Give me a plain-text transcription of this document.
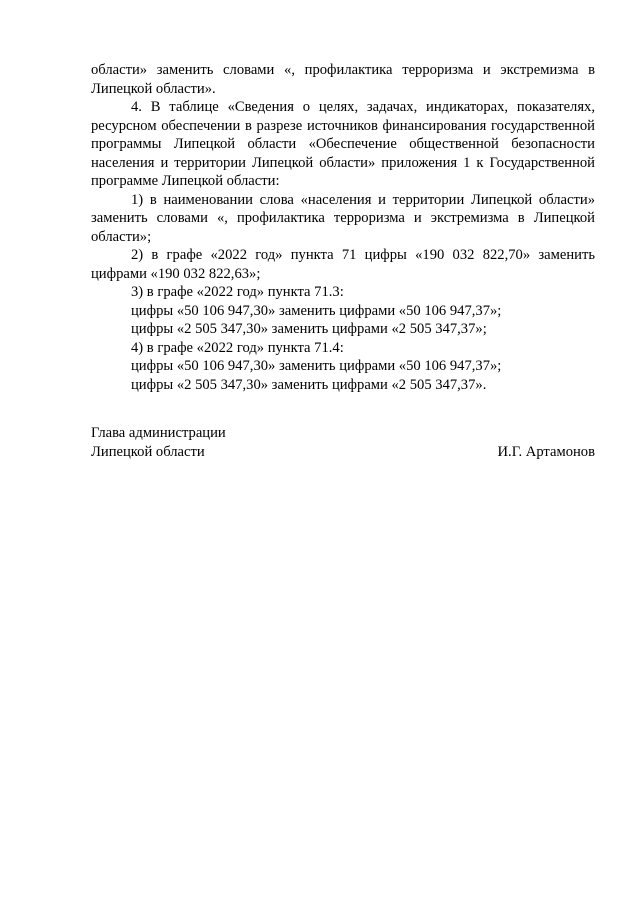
области» заменить словами «, профилактика терроризма и экстремизма в Липецкой области».

4. В таблице «Сведения о целях, задачах, индикаторах, показателях, ресурсном обеспечении в разрезе источников финансирования государственной программы Липецкой области «Обеспечение общественной безопасности населения и территории Липецкой области» приложения 1 к Государственной программе Липецкой области:

1) в наименовании слова «населения и территории Липецкой области» заменить словами «, профилактика терроризма и экстремизма в Липецкой области»;

2) в графе «2022 год» пункта 71 цифры «190 032 822,70» заменить цифрами «190 032 822,63»;

3) в графе «2022 год» пункта 71.3:

цифры «50 106 947,30» заменить цифрами «50 106 947,37»;

цифры «2 505 347,30» заменить цифрами «2 505 347,37»;

4) в графе «2022 год» пункта 71.4:

цифры «50 106 947,30» заменить цифрами «50 106 947,37»;

цифры «2 505 347,30» заменить цифрами «2 505 347,37».

Глава администрации
Липецкой области	И.Г. Артамонов
